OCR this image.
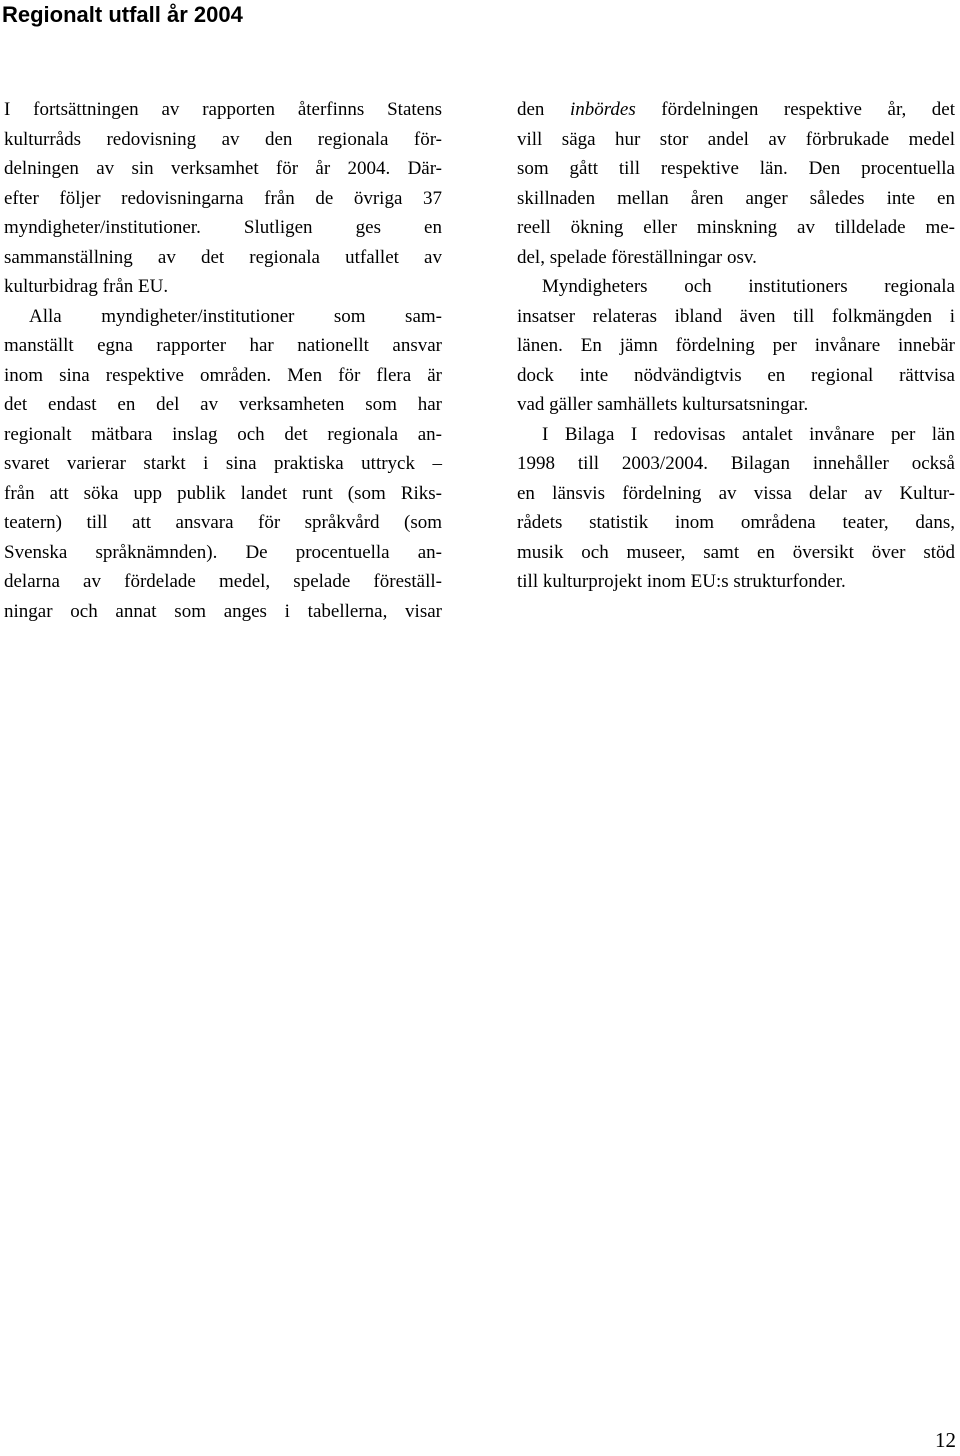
Regionalt utfall år 2004
I fortsättningen av rapporten återfinns Statens
kulturråds redovisning av den regionala för-
delningen av sin verksamhet för år 2004. Där-
efter följer redovisningarna från de övriga 37
myndigheter/institutioner. Slutligen ges en
sammanställning av det regionala utfallet av
kulturbidrag från EU.
Alla myndigheter/institutioner som sam-
manställt egna rapporter har nationellt ansvar
inom sina respektive områden. Men för flera är
det endast en del av verksamheten som har
regionalt mätbara inslag och det regionala an-
svaret varierar starkt i sina praktiska uttryck –
från att söka upp publik landet runt (som Riks-
teatern) till att ansvara för språkvård (som
Svenska språknämnden). De procentuella an-
delarna av fördelade medel, spelade föreställ-
ningar och annat som anges i tabellerna, visar
den inbördes fördelningen respektive år, det
vill säga hur stor andel av förbrukade medel
som gått till respektive län. Den procentuella
skillnaden mellan åren anger således inte en
reell ökning eller minskning av tilldelade me-
del, spelade föreställningar osv.
Myndigheters och institutioners regionala
insatser relateras ibland även till folkmängden i
länen. En jämn fördelning per invånare innebär
dock inte nödvändigtvis en regional rättvisa
vad gäller samhällets kultursatsningar.
I Bilaga I redovisas antalet invånare per län
1998 till 2003/2004. Bilagan innehåller också
en länsvis fördelning av vissa delar av Kultur-
rådets statistik inom områdena teater, dans,
musik och museer, samt en översikt över stöd
till kulturprojekt inom EU:s strukturfonder.
12
